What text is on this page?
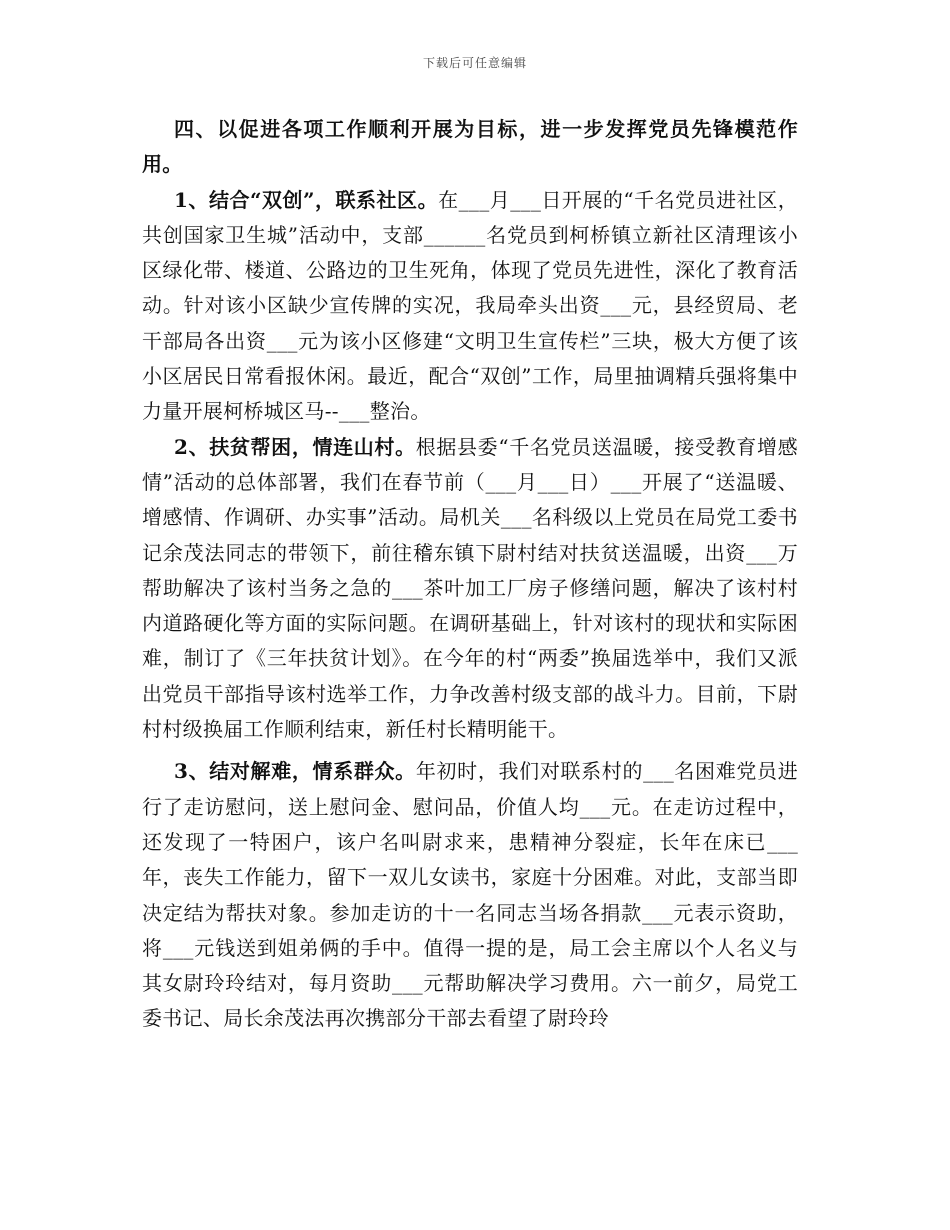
下载后可任意编辑

四、以促进各项工作顺利开展为目标，进一步发挥党员先锋模范作用。

1、结合“双创”，联系社区。在___月___日开展的“千名党员进社区，共创国家卫生城”活动中，支部______名党员到柯桥镇立新社区清理该小区绿化带、楼道、公路边的卫生死角，体现了党员先进性，深化了教育活动。针对该小区缺少宣传牌的实况，我局牵头出资___元，县经贸局、老干部局各出资___元为该小区修建“文明卫生宣传栏”三块，极大方便了该小区居民日常看报休闲。最近，配合“双创”工作，局里抽调精兵强将集中力量开展柯桥城区马--___整治。

2、扶贫帮困，情连山村。根据县委“千名党员送温暖，接受教育增感情”活动的总体部署，我们在春节前（___月___日）___开展了“送温暖、增感情、作调研、办实事”活动。局机关___名科级以上党员在局党工委书记余茂法同志的带领下，前往稽东镇下尉村结对扶贫送温暖，出资___万帮助解决了该村当务之急的___茶叶加工厂房子修缮问题，解决了该村村内道路硬化等方面的实际问题。在调研基础上，针对该村的现状和实际困难，制订了《三年扶贫计划》。在今年的村“两委”换届选举中，我们又派出党员干部指导该村选举工作，力争改善村级支部的战斗力。目前，下尉村村级换届工作顺利结束，新任村长精明能干。

3、结对解难，情系群众。年初时，我们对联系村的___名困难党员进行了走访慰问，送上慰问金、慰问品，价值人均___元。在走访过程中，还发现了一特困户，该户名叫尉求来，患精神分裂症，长年在床已___年，丧失工作能力，留下一双儿女读书，家庭十分困难。对此，支部当即决定结为帮扶对象。参加走访的十一名同志当场各捐款___元表示资助，将___元钱送到姐弟俩的手中。值得一提的是，局工会主席以个人名义与其女尉玲玲结对，每月资助___元帮助解决学习费用。六一前夕，局党工委书记、局长余茂法再次携部分干部去看望了尉玲玲
